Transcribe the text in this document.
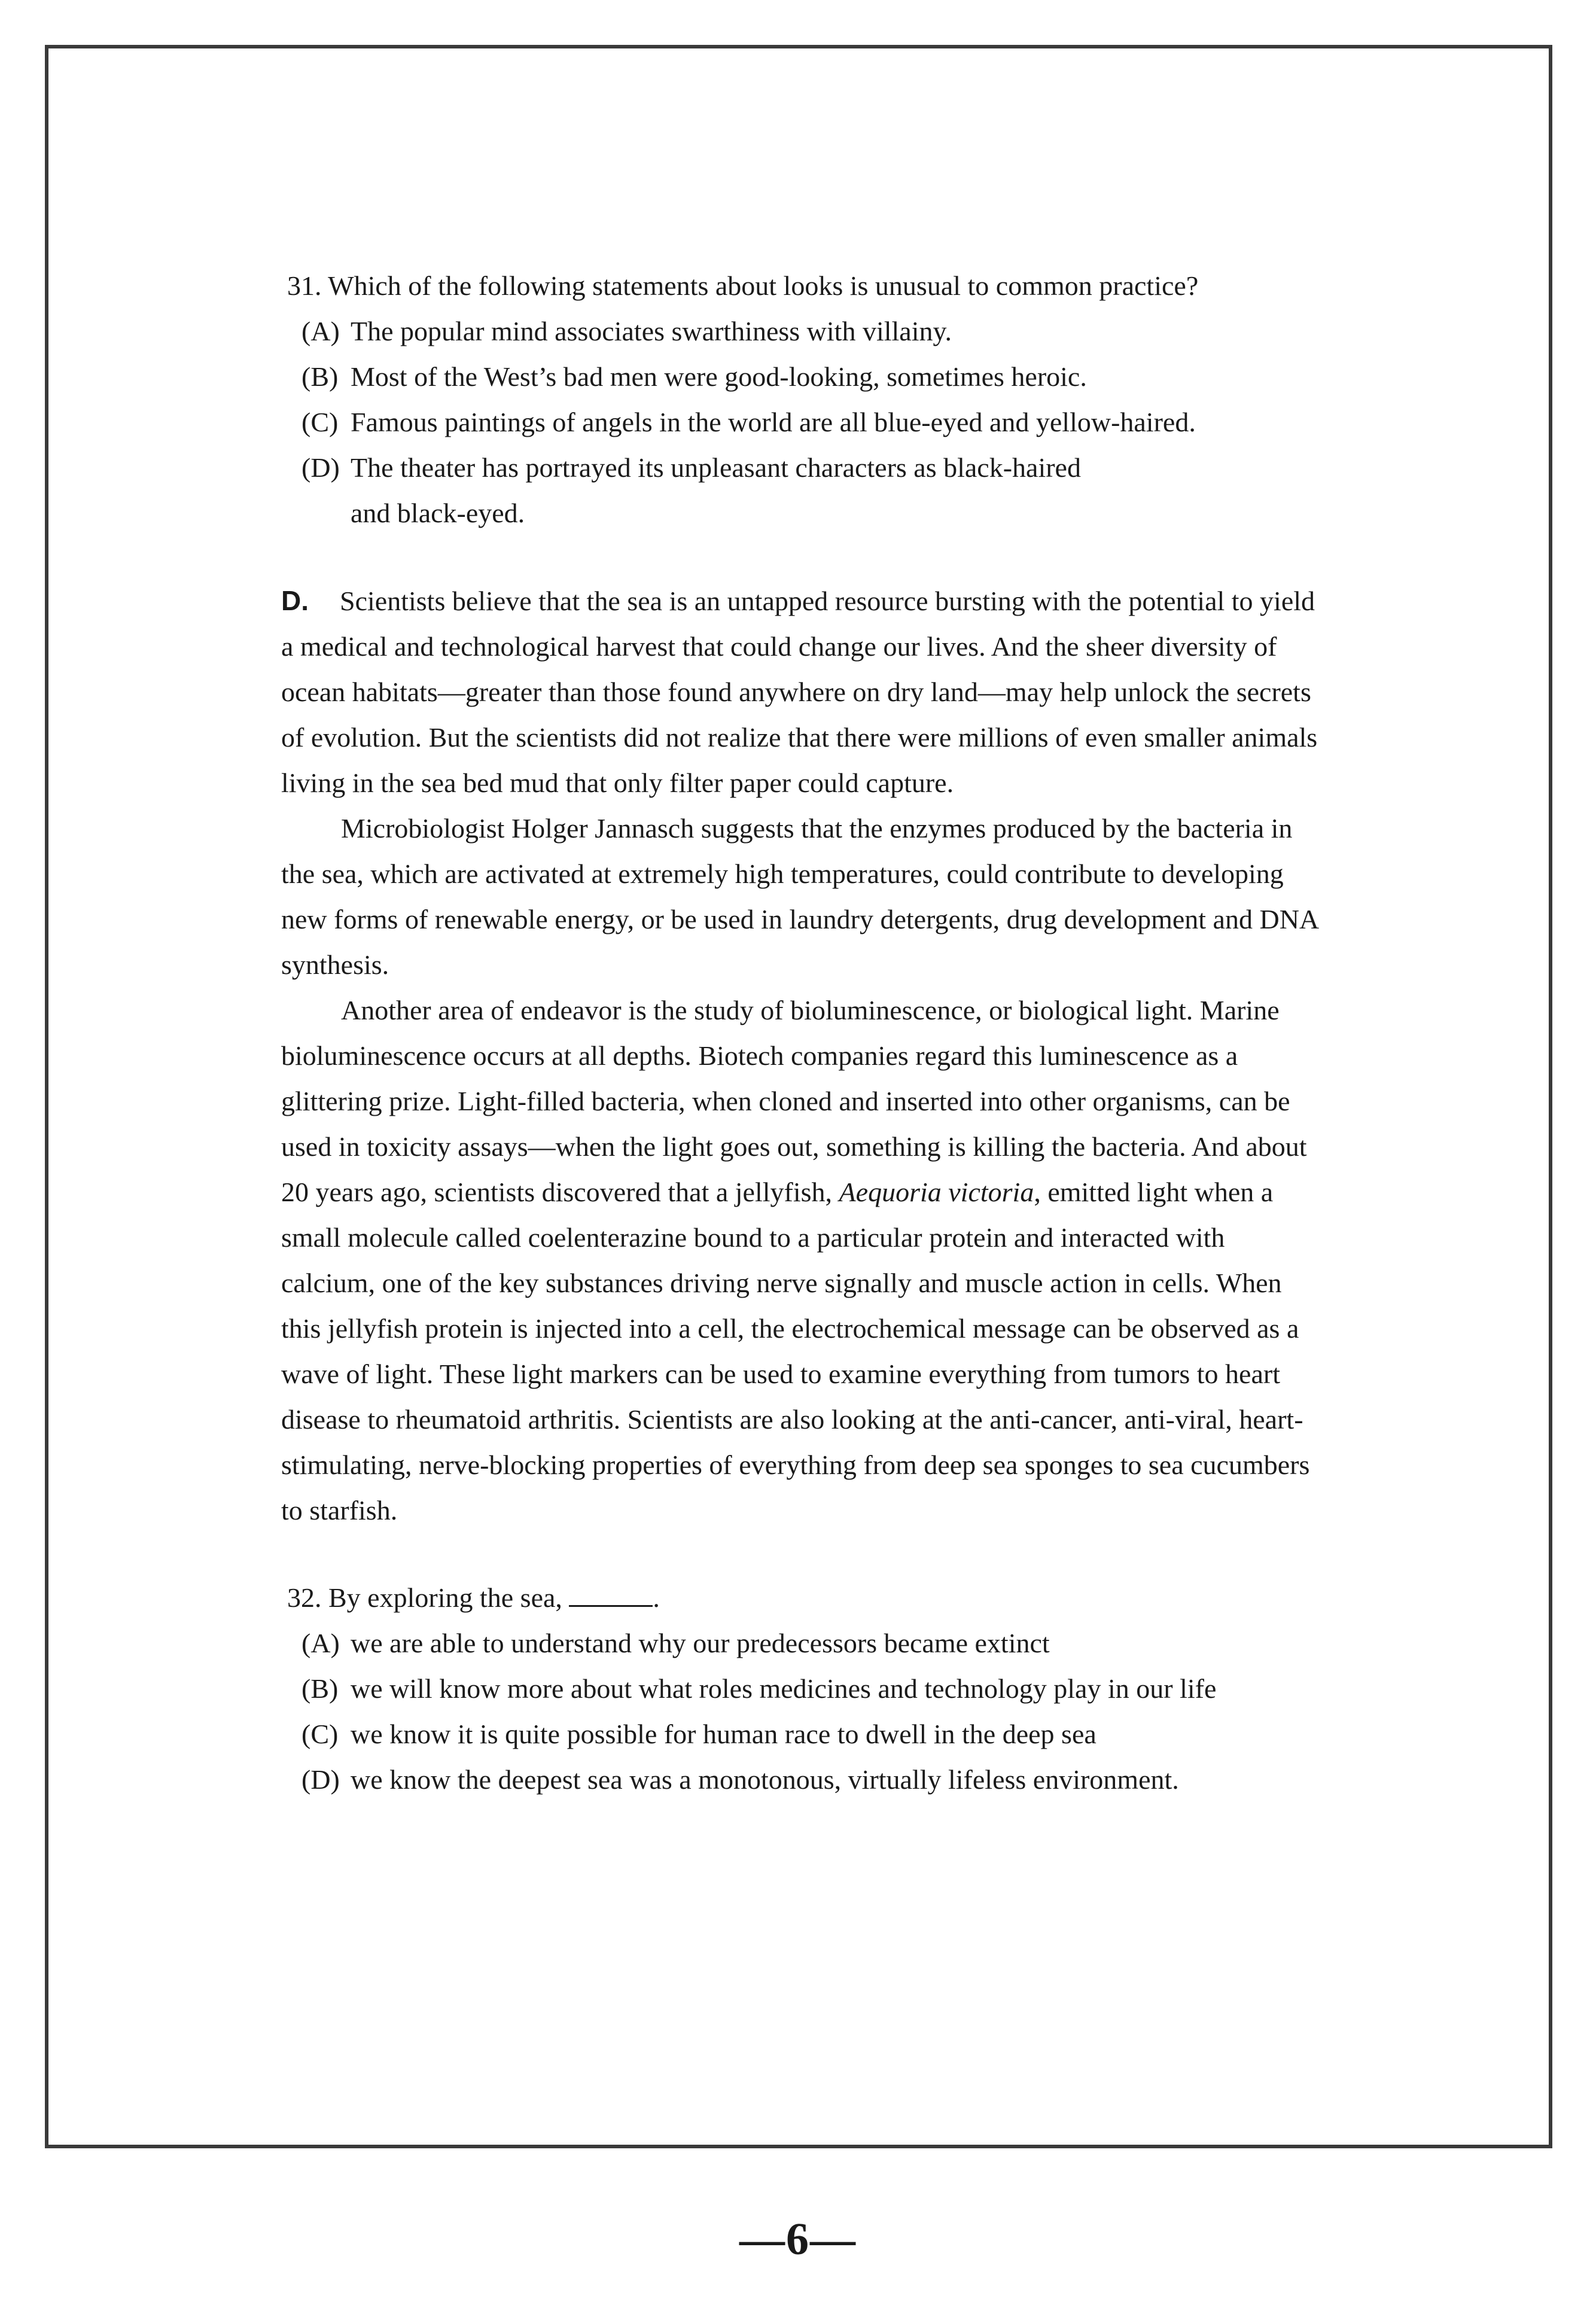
31. Which of the following statements about looks is unusual to common practice?

(A) The popular mind associates swarthiness with villainy.

(B) Most of the West’s bad men were good-looking, sometimes heroic.

(C) Famous paintings of angels in the world are all blue-eyed and yellow-haired.

(D) The theater has portrayed its unpleasant characters as black-haired and black-eyed.

D. Scientists believe that the sea is an untapped resource bursting with the potential to yield a medical and technological harvest that could change our lives. And the sheer diversity of ocean habitats—greater than those found anywhere on dry land—may help unlock the secrets of evolution. But the scientists did not realize that there were millions of even smaller animals living in the sea bed mud that only filter paper could capture.

Microbiologist Holger Jannasch suggests that the enzymes produced by the bacteria in the sea, which are activated at extremely high temperatures, could contribute to developing new forms of renewable energy, or be used in laundry detergents, drug development and DNA synthesis.

Another area of endeavor is the study of bioluminescence, or biological light. Marine bioluminescence occurs at all depths. Biotech companies regard this luminescence as a glittering prize. Light-filled bacteria, when cloned and inserted into other organisms, can be used in toxicity assays—when the light goes out, something is killing the bacteria. And about 20 years ago, scientists discovered that a jellyfish, Aequoria victoria, emitted light when a small molecule called coelenterazine bound to a particular protein and interacted with calcium, one of the key substances driving nerve signally and muscle action in cells. When this jellyfish protein is injected into a cell, the electrochemical message can be observed as a wave of light. These light markers can be used to examine everything from tumors to heart disease to rheumatoid arthritis. Scientists are also looking at the anti-cancer, anti-viral, heart-stimulating, nerve-blocking properties of everything from deep sea sponges to sea cucumbers to starfish.

32. By exploring the sea,	.

(A) we are able to understand why our predecessors became extinct

(B) we will know more about what roles medicines and technology play in our life

(C) we know it is quite possible for human race to dwell in the deep sea

(D) we know the deepest sea was a monotonous, virtually lifeless environment.

—6—
